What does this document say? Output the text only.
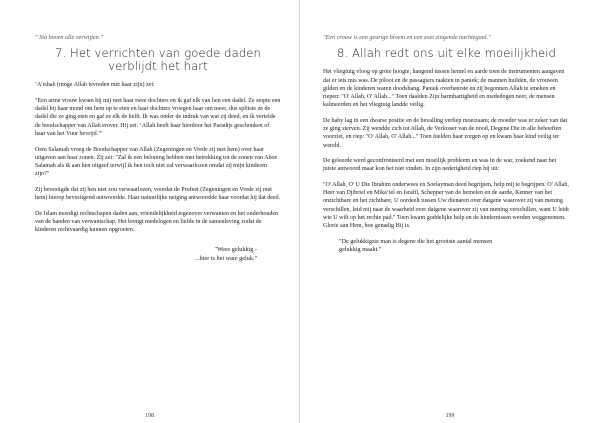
" Sta boven alle verwijten."
7. Het verrichten van goede daden verblijdt het hart
‘A’ishah (moge Allah tevreden met haar zijn) zei:
"Een arme vrouw kwam bij mij met haar twee dochters en ik gaf elk van hen een dadel. Ze stopte een dadel bij haar mond om hem op te eten en haar dochters vroegen haar om meer, dus splitste ze de dadel die ze ging eten en gaf ze elk de helft. Ik was onder de indruk van wat zij deed, en ik vertelde de boodschapper van Allah erover. Hij zei: ‘Allah heeft haar hierdoor het Paradijs geschonken of haar van het Vuur bevrijd.’"
Oem Salamah vroeg de Boodschapper van Allah (Zegeningen en Vrede zij met hem) over haar uitgaven aan haar zonen. Zij zei: "Zal ik een beloning hebben met betrekking tot de zonen van Aboe Salamah als ik aan hen uitgeef terwijl ik hen toch niet zal verwaarlozen omdat zij mijn kinderen zijn?"
Zij bevestigde dat zij hen niet zou verwaarlozen, voordat de Profeet (Zegeningen en Vrede zij met hem) hierop bevestigend antwoordde. Haar natuurlijke neiging antwoordde haar voordat hij dat deed.
De Islam moedigt rechtschapen daden aan, vriendelijkheid tegenover verwanten en het onderhouden van de banden van verwantschap. Het brengt medelogen en liefde in de samenleving zodat de kinderen rechtvaardig kunnen opgroeien.
"Wees gelukkig -
...hier is het ware geluk."
198
"Een vrouw is een geurige bloem en een zoet zingende nachtegaal."
8. Allah redt ons uit elke moeilijkheid
Het vliegtuig vloog op grote hoogte, hangend tussen hemel en aarde toen de instrumenten aangaven dat er iets mis was. De piloot en de passagiers raakten in paniek; de mannen huilden, de vrouwen gilden en de kinderen waren doodsbang. Paniek overheerste en zij begonnen Allah te smeken en riepen: "O' Allah, O' Allah..." Toen daalden Zijn barmhartigheid en mededogen neer, de mensen kalmeerden en het vliegtuig landde veilig.
De baby lag in een dwarse positie en de bevalling verliep moeizaam; de moeder was er zeker van dat ze ging sterven. Zij wendde zich tot Allah, de Verlosser van de nood, Degene Die in alle behoeften voorziet, en riep: "O' Allah, O' Allah..." Toen hielden haar zorgen op en kwam haar kind veilig ter wereld.
De geleerde werd geconfronteerd met een moeilijk probleem en was in de war, zoekend naar het juiste antwoord maar kon het niet vinden. In zijn nederigheid riep hij uit:
"O' Allah, O' U Die Ibrahim onderwees en Soelayman deed begrijpen, help mij te begrijpen. O' Allah, Heer van Djibriel en Mika’iel en Israfil, Schepper van de hemelen en de aarde, Kenner van het onzichtbare en het zichtbare, U oordeelt tussen Uw dienaren over datgene waarover zij van mening verschillen, leid mij naar de waarheid over datgene waarover zij van mening verschillen, want U leidt wie U wilt op het rechte pad." Toen kwam goddelijke hulp en de hindernissen werden weggenomen. Glorie aan Hem, hoe genadig Hij is.
"De gelukkigste man is degene die het grootste aantal mensen
gelukkig maakt."
199
